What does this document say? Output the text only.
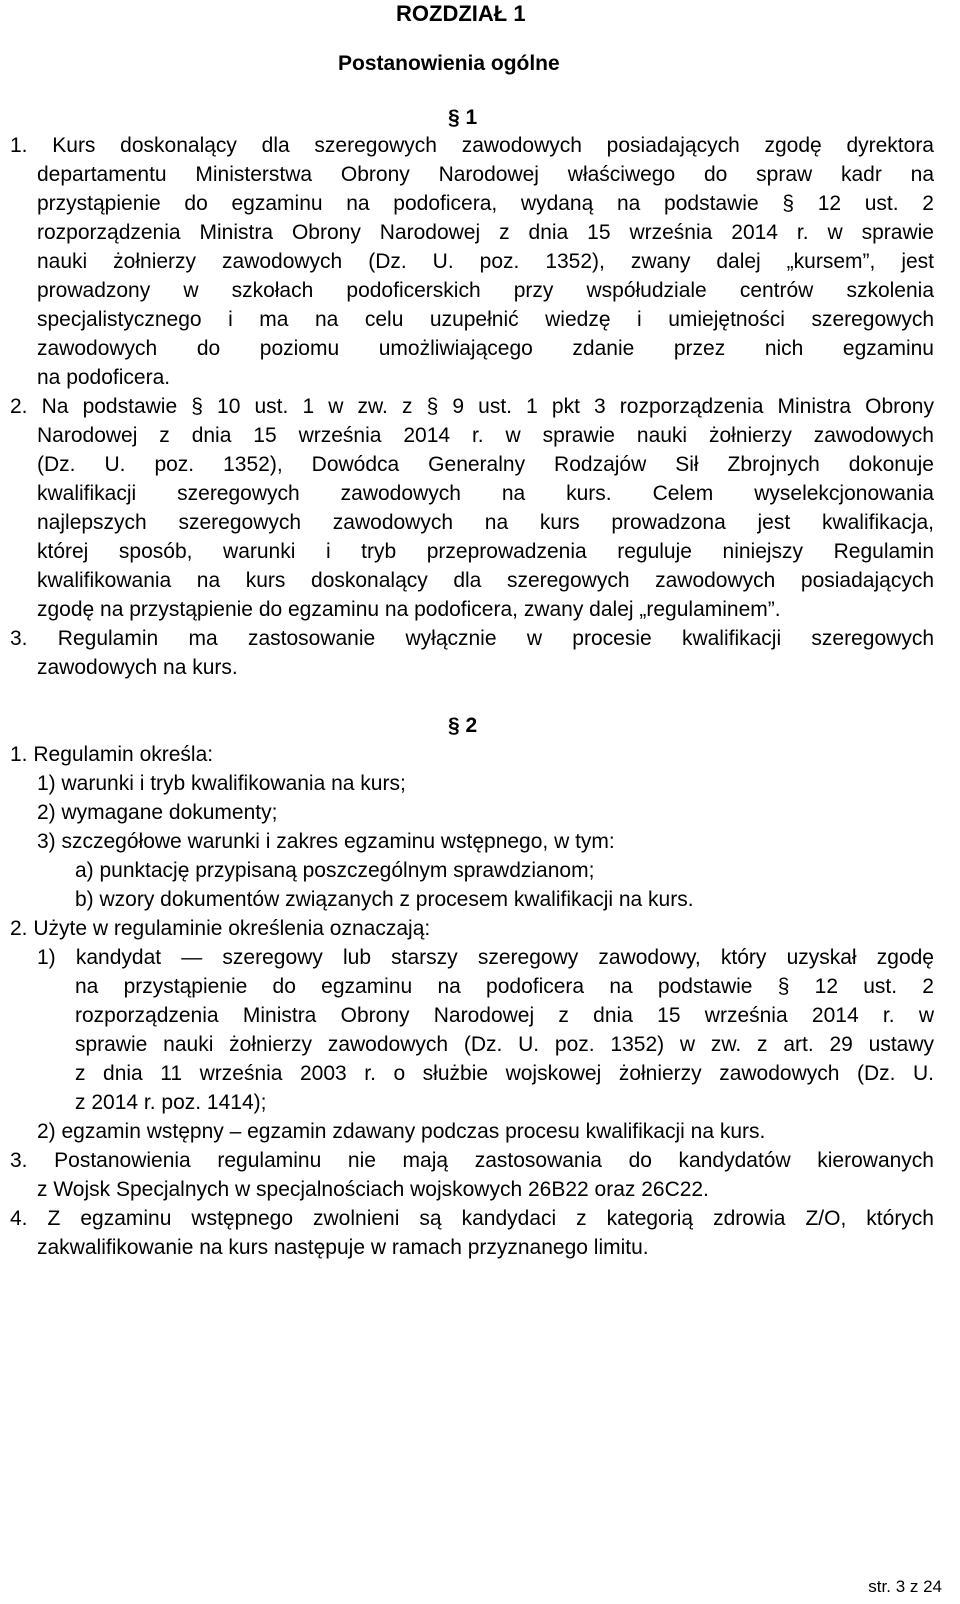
ROZDZIAŁ 1
Postanowienia ogólne
§ 1
1. Kurs doskonalący dla szeregowych zawodowych posiadających zgodę dyrektora
departamentu Ministerstwa Obrony Narodowej właściwego do spraw kadr na
przystąpienie do egzaminu na podoficera, wydaną na podstawie § 12 ust. 2
rozporządzenia Ministra Obrony Narodowej z dnia 15 września 2014 r. w sprawie
nauki żołnierzy zawodowych (Dz. U. poz. 1352), zwany dalej „kursem”, jest
prowadzony w szkołach podoficerskich przy współudziale centrów szkolenia
specjalistycznego i ma na celu uzupełnić wiedzę i umiejętności szeregowych
zawodowych do poziomu umożliwiającego zdanie przez nich egzaminu
na podoficera.
2. Na podstawie § 10 ust. 1 w zw. z § 9 ust. 1 pkt 3 rozporządzenia Ministra Obrony
Narodowej z dnia 15 września 2014 r. w sprawie nauki żołnierzy zawodowych
(Dz. U. poz. 1352), Dowódca Generalny Rodzajów Sił Zbrojnych dokonuje
kwalifikacji szeregowych zawodowych na kurs. Celem wyselekcjonowania
najlepszych szeregowych zawodowych na kurs prowadzona jest kwalifikacja,
której sposób, warunki i tryb przeprowadzenia reguluje niniejszy Regulamin
kwalifikowania na kurs doskonalący dla szeregowych zawodowych posiadających
zgodę na przystąpienie do egzaminu na podoficera, zwany dalej „regulaminem”.
3. Regulamin ma zastosowanie wyłącznie w procesie kwalifikacji szeregowych
zawodowych na kurs.
§ 2
1. Regulamin określa:
1) warunki i tryb kwalifikowania na kurs;
2) wymagane dokumenty;
3) szczegółowe warunki i zakres egzaminu wstępnego, w tym:
a) punktację przypisaną poszczególnym sprawdzianom;
b) wzory dokumentów związanych z procesem kwalifikacji na kurs.
2. Użyte w regulaminie określenia oznaczają:
1) kandydat — szeregowy lub starszy szeregowy zawodowy, który uzyskał zgodę
na przystąpienie do egzaminu na podoficera na podstawie § 12 ust. 2
rozporządzenia Ministra Obrony Narodowej z dnia 15 września 2014 r. w
sprawie nauki żołnierzy zawodowych (Dz. U. poz. 1352) w zw. z art. 29 ustawy
z dnia 11 września 2003 r. o służbie wojskowej żołnierzy zawodowych (Dz. U.
z 2014 r. poz. 1414);
2) egzamin wstępny – egzamin zdawany podczas procesu kwalifikacji na kurs.
3. Postanowienia regulaminu nie mają zastosowania do kandydatów kierowanych
z Wojsk Specjalnych w specjalnościach wojskowych 26B22 oraz 26C22.
4. Z egzaminu wstępnego zwolnieni są kandydaci z kategorią zdrowia Z/O, których
zakwalifikowanie na kurs następuje w ramach przyznanego limitu.
str. 3 z 24
